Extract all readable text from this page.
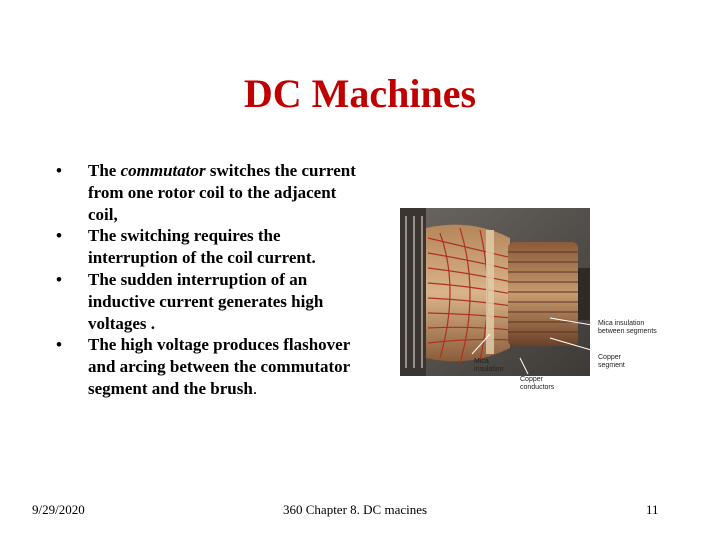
DC Machines
• The commutator switches the current from one rotor coil to the adjacent coil,
• The switching requires the interruption of the coil current.
• The sudden interruption of an inductive current generates high voltages .
• The high voltage produces flashover and arcing between the commutator segment and the brush.
Mica insulation
between segments
Copper
segment
Mica
insulation
Copper
conductors
9/29/2020	360 Chapter 8. DC macines	11
